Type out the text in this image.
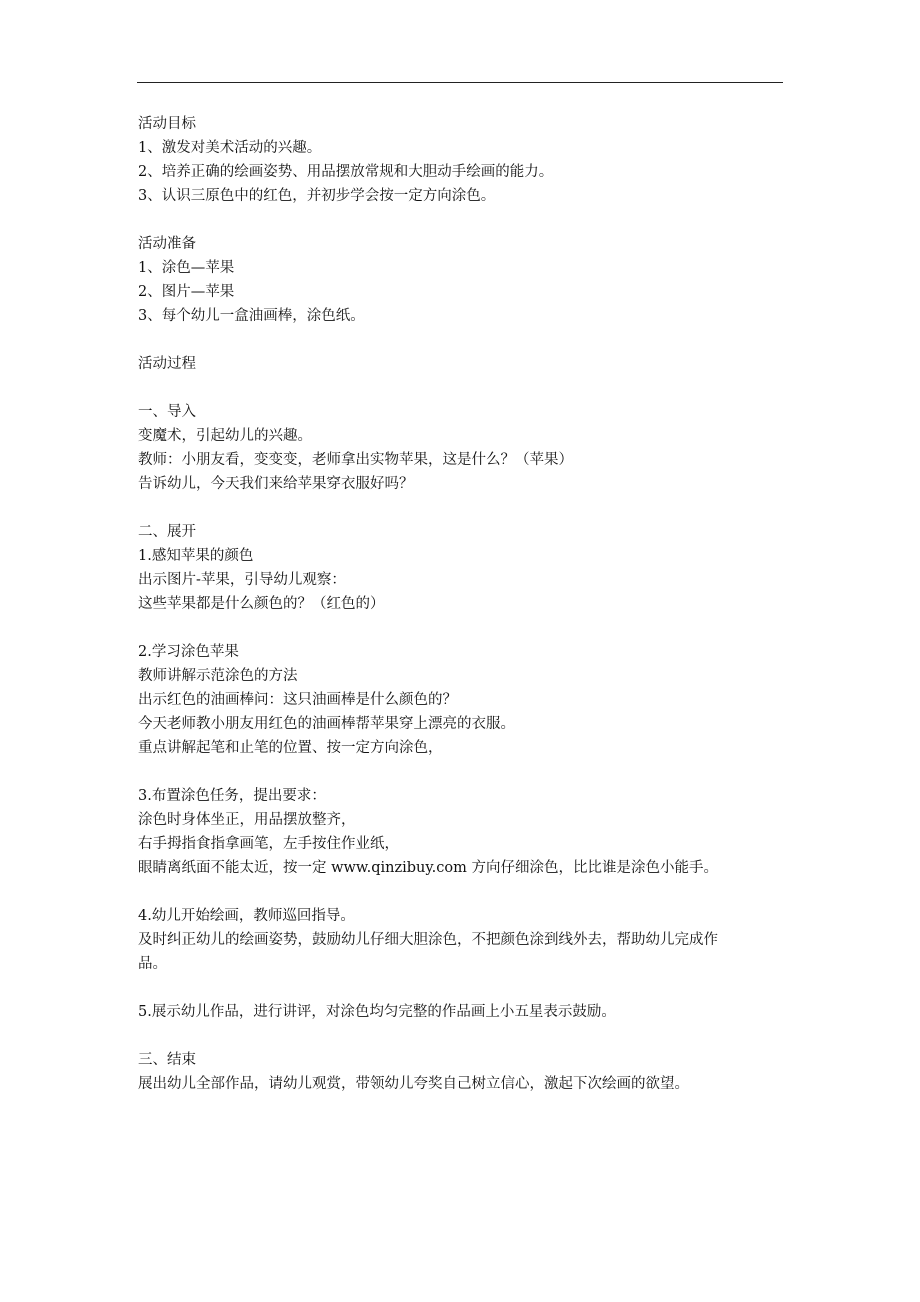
活动目标
1、激发对美术活动的兴趣。
2、培养正确的绘画姿势、用品摆放常规和大胆动手绘画的能力。
3、认识三原色中的红色，并初步学会按一定方向涂色。
活动准备
1、涂色—苹果
2、图片—苹果
3、每个幼儿一盒油画棒，涂色纸。
活动过程
一、导入
变魔术，引起幼儿的兴趣。
教师：小朋友看，变变变，老师拿出实物苹果，这是什么？（苹果）
告诉幼儿，今天我们来给苹果穿衣服好吗？
二、展开
1.感知苹果的颜色
出示图片-苹果，引导幼儿观察：
这些苹果都是什么颜色的？（红色的）
2.学习涂色苹果
教师讲解示范涂色的方法
出示红色的油画棒问：这只油画棒是什么颜色的？
今天老师教小朋友用红色的油画棒帮苹果穿上漂亮的衣服。
重点讲解起笔和止笔的位置、按一定方向涂色，
3.布置涂色任务，提出要求：
涂色时身体坐正，用品摆放整齐，
右手拇指食指拿画笔，左手按住作业纸，
眼睛离纸面不能太近，按一定 www.qinzibuy.com 方向仔细涂色，比比谁是涂色小能手。
4.幼儿开始绘画，教师巡回指导。
及时纠正幼儿的绘画姿势，鼓励幼儿仔细大胆涂色，不把颜色涂到线外去，帮助幼儿完成作
品。
5.展示幼儿作品，进行讲评，对涂色均匀完整的作品画上小五星表示鼓励。
三、结束
展出幼儿全部作品，请幼儿观赏，带领幼儿夸奖自己树立信心，激起下次绘画的欲望。
